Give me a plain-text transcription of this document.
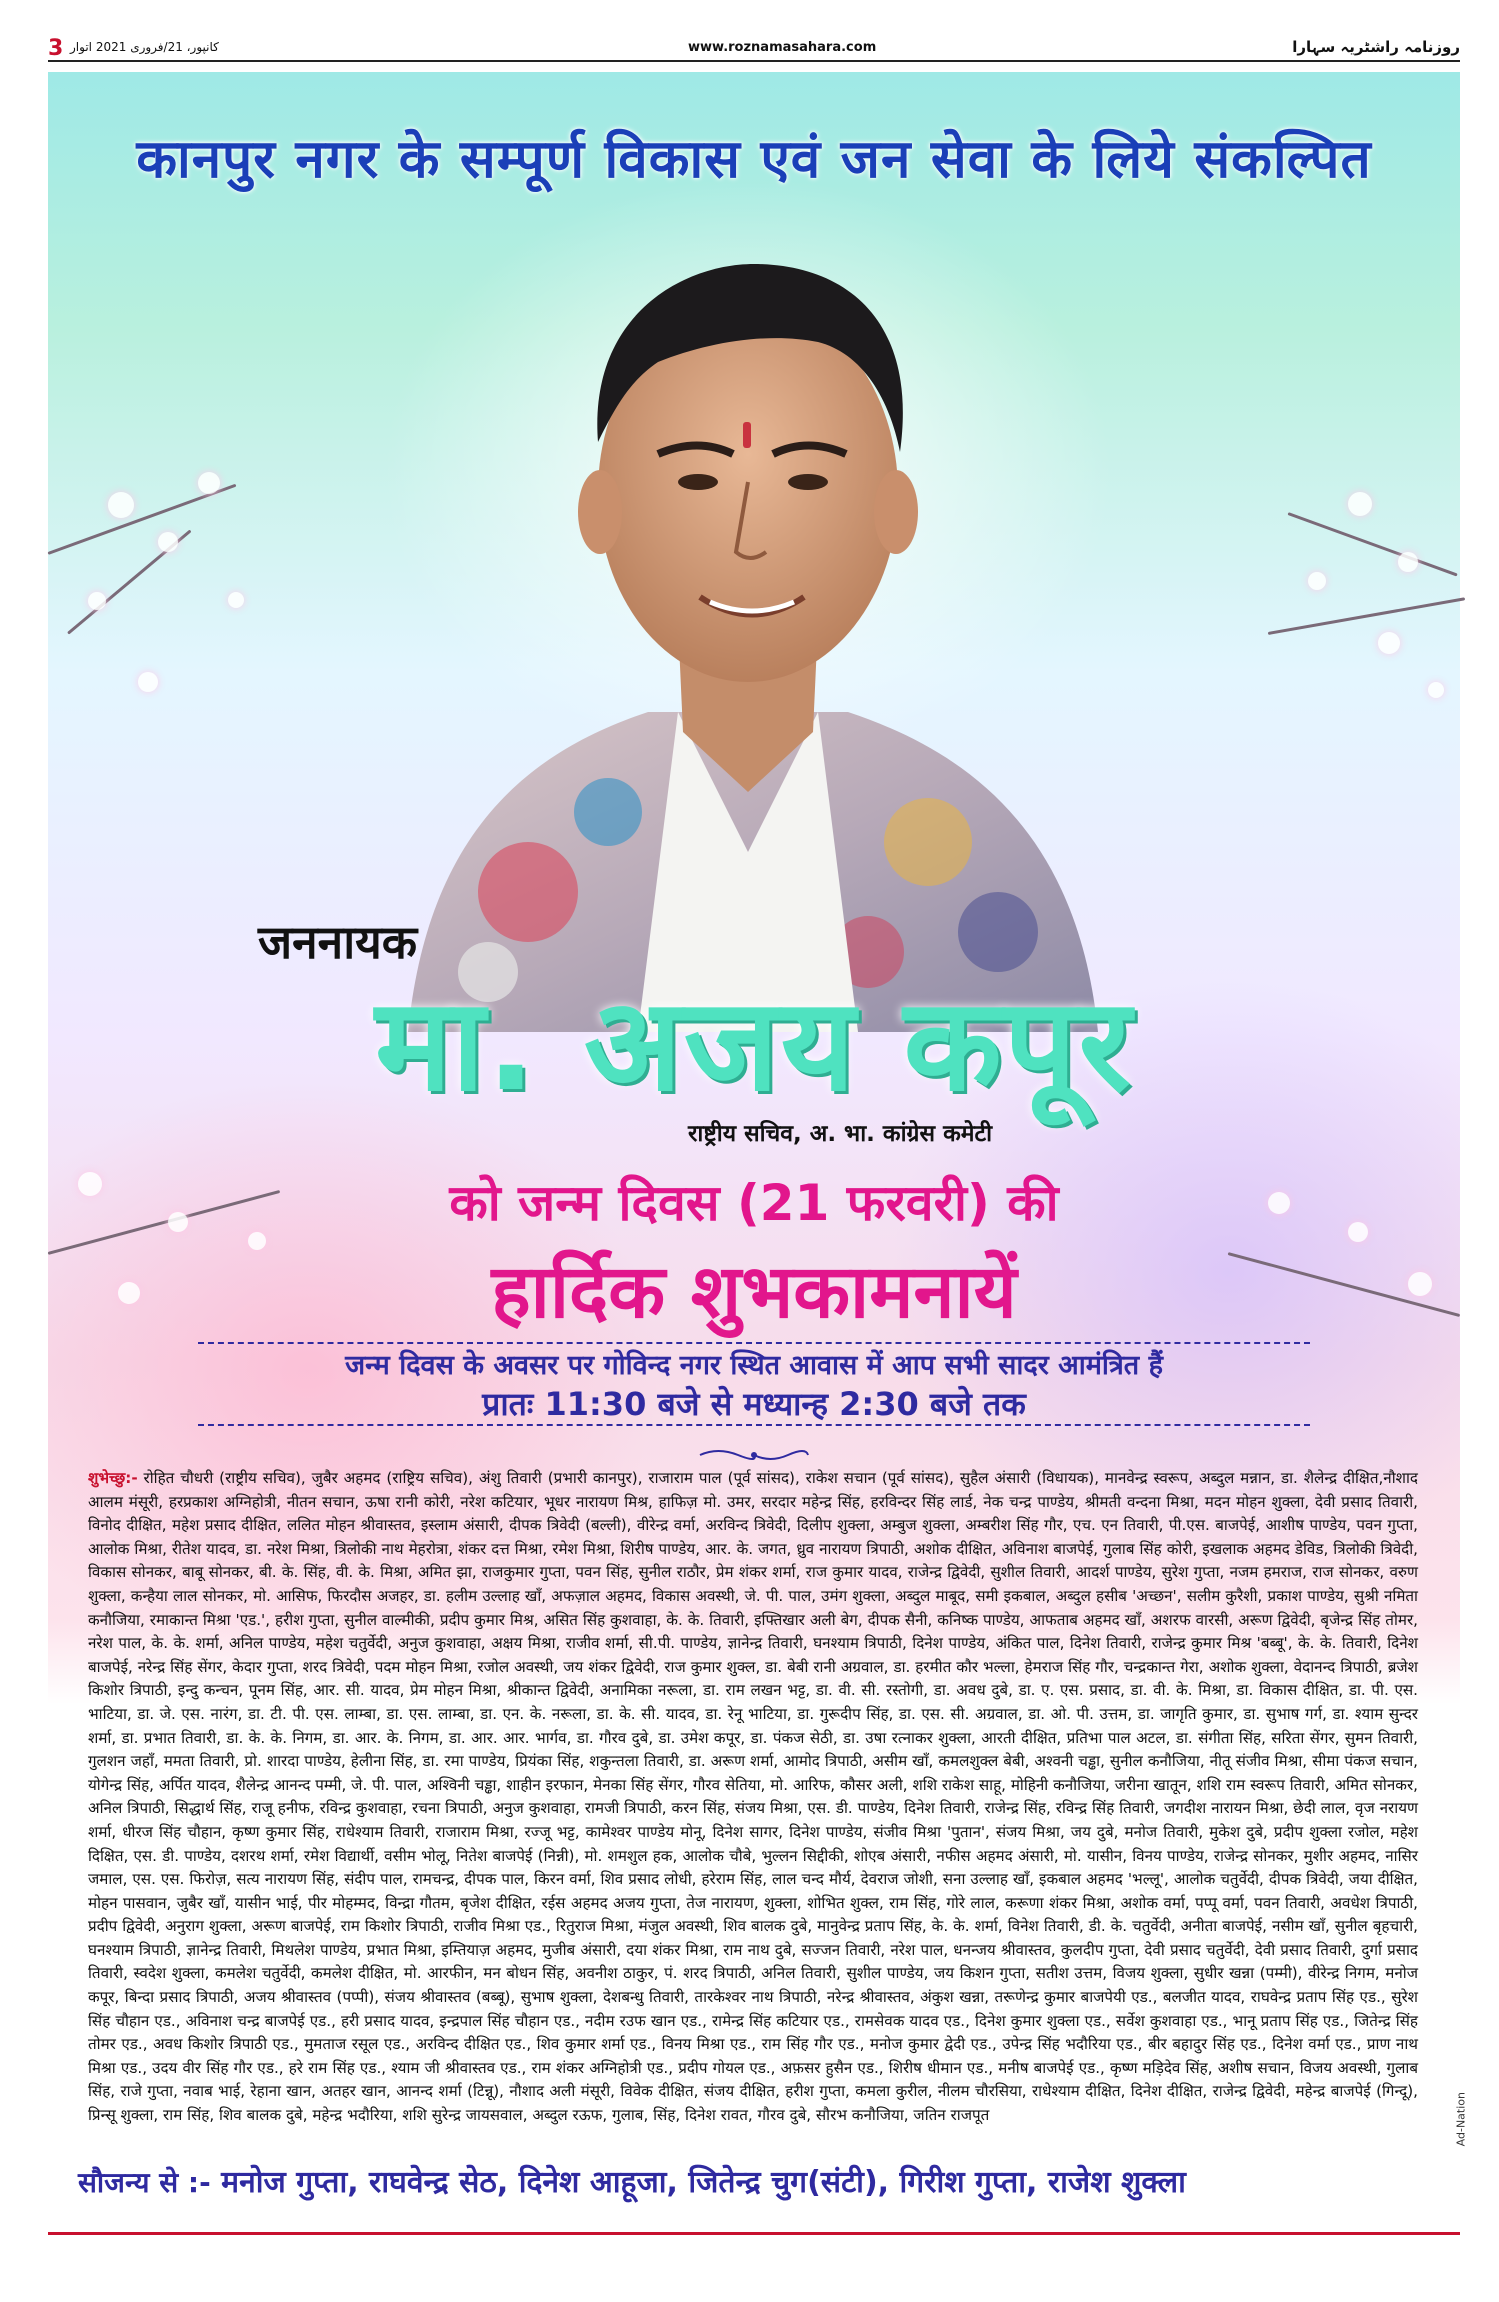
3 کانپور، 21/فروری 2021 اتوار	www.roznamasahara.com	روزنامہ راشٹریہ سہارا
कानपुर नगर के सम्पूर्ण विकास एवं जन सेवा के लिये संकल्पित
जननायक
मा. अजय कपूर
राष्ट्रीय सचिव, अ. भा. कांग्रेस कमेटी
को जन्म दिवस (21 फरवरी) की
हार्दिक शुभकामनायें
जन्म दिवस के अवसर पर गोविन्द नगर स्थित आवास में आप सभी सादर आमंत्रित हैं
प्रातः 11:30 बजे से मध्यान्ह 2:30 बजे तक
शुभेच्छु:- रोहित चौधरी (राष्ट्रीय सचिव), जुबैर अहमद (राष्ट्रिय सचिव), अंशु तिवारी (प्रभारी कानपुर), राजाराम पाल (पूर्व सांसद), राकेश सचान (पूर्व सांसद), सुहैल अंसारी (विधायक), मानवेन्द्र स्वरूप, अब्दुल मन्नान, डा. शैलेन्द्र दीक्षित,नौशाद आलम मंसूरी, हरप्रकाश अग्निहोत्री, नीतन सचान, ऊषा रानी कोरी, नरेश कटियार, भूधर नारायण मिश्र, हाफिज़ मो. उमर, सरदार महेन्द्र सिंह, हरविन्दर सिंह लार्ड, नेक चन्द्र पाण्डेय, श्रीमती वन्दना मिश्रा, मदन मोहन शुक्ला, देवी प्रसाद तिवारी, विनोद दीक्षित, महेश प्रसाद दीक्षित, ललित मोहन श्रीवास्तव, इस्लाम अंसारी, दीपक त्रिवेदी (बल्ली), वीरेन्द्र वर्मा, अरविन्द त्रिवेदी, दिलीप शुक्ला, अम्बुज शुक्ला, अम्बरीश सिंह गौर, एच. एन तिवारी, पी.एस. बाजपेई, आशीष पाण्डेय, पवन गुप्ता, आलोक मिश्रा, रीतेश यादव, डा. नरेश मिश्रा, त्रिलोकी नाथ मेहरोत्रा, शंकर दत्त मिश्रा, रमेश मिश्रा, शिरीष पाण्डेय, आर. के. जगत, ध्रुव नारायण त्रिपाठी, अशोक दीक्षित, अविनाश बाजपेई, गुलाब सिंह कोरी, इखलाक अहमद डेविड, त्रिलोकी त्रिवेदी, विकास सोनकर, बाबू सोनकर, बी. के. सिंह, वी. के. मिश्रा, अमित झा, राजकुमार गुप्ता, पवन सिंह, सुनील राठौर, प्रेम शंकर शर्मा, राज कुमार यादव, राजेन्द्र द्विवेदी, सुशील तिवारी, आदर्श पाण्डेय, सुरेश गुप्ता, नजम हमराज, राज सोनकर, वरुण शुक्ला, कन्हैया लाल सोनकर, मो. आसिफ, फिरदौस अजहर, डा. हलीम उल्लाह खाँ, अफज़ाल अहमद, विकास अवस्थी, जे. पी. पाल, उमंग शुक्ला, अब्दुल माबूद, समी इकबाल, अब्दुल हसीब 'अच्छन', सलीम कुरैशी, प्रकाश पाण्डेय, सुश्री नमिता कनौजिया, रमाकान्त मिश्रा 'एड.', हरीश गुप्ता, सुनील वाल्मीकी, प्रदीप कुमार मिश्र, असित सिंह कुशवाहा, के. के. तिवारी, इफ्तिखार अली बेग, दीपक सैनी, कनिष्क पाण्डेय, आफताब अहमद खाँ, अशरफ वारसी, अरूण द्विवेदी, बृजेन्द्र सिंह तोमर, नरेश पाल, के. के. शर्मा, अनिल पाण्डेय, महेश चतुर्वेदी, अनुज कुशवाहा, अक्षय मिश्रा, राजीव शर्मा, सी.पी. पाण्डेय, ज्ञानेन्द्र तिवारी, घनश्याम त्रिपाठी, दिनेश पाण्डेय, अंकित पाल, दिनेश तिवारी, राजेन्द्र कुमार मिश्र 'बब्बू', के. के. तिवारी, दिनेश बाजपेई, नरेन्द्र सिंह सेंगर, केदार गुप्ता, शरद त्रिवेदी, पदम मोहन मिश्रा, रजोल अवस्थी, जय शंकर द्विवेदी, राज कुमार शुक्ल, डा. बेबी रानी अग्रवाल, डा. हरमीत कौर भल्ला, हेमराज सिंह गौर, चन्द्रकान्त गेरा, अशोक शुक्ला, वेदानन्द त्रिपाठी, ब्रजेश किशोर त्रिपाठी, इन्दु कन्चन, पूनम सिंह, आर. सी. यादव, प्रेम मोहन मिश्रा, श्रीकान्त द्विवेदी, अनामिका नरूला, डा. राम लखन भट्ट, डा. वी. सी. रस्तोगी, डा. अवध दुबे, डा. ए. एस. प्रसाद, डा. वी. के. मिश्रा, डा. विकास दीक्षित, डा. पी. एस. भाटिया, डा. जे. एस. नारंग, डा. टी. पी. एस. लाम्बा, डा. एस. लाम्बा, डा. एन. के. नरूला, डा. के. सी. यादव, डा. रेनू भाटिया, डा. गुरूदीप सिंह, डा. एस. सी. अग्रवाल, डा. ओ. पी. उत्तम, डा. जागृति कुमार, डा. सुभाष गर्ग, डा. श्याम सुन्दर शर्मा, डा. प्रभात तिवारी, डा. के. के. निगम, डा. आर. के. निगम, डा. आर. आर. भार्गव, डा. गौरव दुबे, डा. उमेश कपूर, डा. पंकज सेठी, डा. उषा रत्नाकर शुक्ला, आरती दीक्षित, प्रतिभा पाल अटल, डा. संगीता सिंह, सरिता सेंगर, सुमन तिवारी, गुलशन जहाँ, ममता तिवारी, प्रो. शारदा पाण्डेय, हेलीना सिंह, डा. रमा पाण्डेय, प्रियंका सिंह, शकुन्तला तिवारी, डा. अरूण शर्मा, आमोद त्रिपाठी, असीम खाँ, कमलशुक्ल बेबी, अश्वनी चड्ढा, सुनील कनौजिया, नीतू संजीव मिश्रा, सीमा पंकज सचान, योगेन्द्र सिंह, अर्पित यादव, शैलेन्द्र आनन्द पम्मी, जे. पी. पाल, अश्विनी चड्ढा, शाहीन इरफान, मेनका सिंह सेंगर, गौरव सेतिया, मो. आरिफ, कौसर अली, शशि राकेश साहू, मोहिनी कनौजिया, जरीना खातून, शशि राम स्वरूप तिवारी, अमित सोनकर, अनिल त्रिपाठी, सिद्धार्थ सिंह, राजू हनीफ, रविन्द्र कुशवाहा, रचना त्रिपाठी, अनुज कुशवाहा, रामजी त्रिपाठी, करन सिंह, संजय मिश्रा, एस. डी. पाण्डेय, दिनेश तिवारी, राजेन्द्र सिंह, रविन्द्र सिंह तिवारी, जगदीश नारायन मिश्रा, छेदी लाल, वृज नरायण शर्मा, धीरज सिंह चौहान, कृष्ण कुमार सिंह, राधेश्याम तिवारी, राजाराम मिश्रा, रज्जू भट्ट, कामेश्वर पाण्डेय मोनू, दिनेश सागर, दिनेश पाण्डेय, संजीव मिश्रा 'पुतान', संजय मिश्रा, जय दुबे, मनोज तिवारी, मुकेश दुबे, प्रदीप शुक्ला रजोल, महेश दिक्षित, एस. डी. पाण्डेय, दशरथ शर्मा, रमेश विद्यार्थी, वसीम भोलू, नितेश बाजपेई (निन्नी), मो. शमशुल हक, आलोक चौबे, भुल्लन सिद्दीकी, शोएब अंसारी, नफीस अहमद अंसारी, मो. यासीन, विनय पाण्डेय, राजेन्द्र सोनकर, मुशीर अहमद, नासिर जमाल, एस. एस. फिरोज़, सत्य नारायण सिंह, संदीप पाल, रामचन्द्र, दीपक पाल, किरन वर्मा, शिव प्रसाद लोधी, हरेराम सिंह, लाल चन्द मौर्य, देवराज जोशी, सना उल्लाह खाँ, इकबाल अहमद 'भल्लू', आलोक चतुर्वेदी, दीपक त्रिवेदी, जया दीक्षित, मोहन पासवान, जुबैर खाँ, यासीन भाई, पीर मोहम्मद, विन्द्रा गौतम, बृजेश दीक्षित, रईस अहमद अजय गुप्ता, तेज नारायण, शुक्ला, शोभित शुक्ल, राम सिंह, गोरे लाल, करूणा शंकर मिश्रा, अशोक वर्मा, पप्पू वर्मा, पवन तिवारी, अवधेश त्रिपाठी, प्रदीप द्विवेदी, अनुराग शुक्ला, अरूण बाजपेई, राम किशोर त्रिपाठी, राजीव मिश्रा एड., रितुराज मिश्रा, मंजुल अवस्थी, शिव बालक दुबे, मानुवेन्द्र प्रताप सिंह, के. के. शर्मा, विनेश तिवारी, डी. के. चतुर्वेदी, अनीता बाजपेई, नसीम खाँ, सुनील बृहचारी, घनश्याम त्रिपाठी, ज्ञानेन्द्र तिवारी, मिथलेश पाण्डेय, प्रभात मिश्रा, इम्तियाज़ अहमद, मुजीब अंसारी, दया शंकर मिश्रा, राम नाथ दुबे, सज्जन तिवारी, नरेश पाल, धनन्जय श्रीवास्तव, कुलदीप गुप्ता, देवी प्रसाद चतुर्वेदी, देवी प्रसाद तिवारी, दुर्गा प्रसाद तिवारी, स्वदेश शुक्ला, कमलेश चतुर्वेदी, कमलेश दीक्षित, मो. आरफीन, मन बोधन सिंह, अवनीश ठाकुर, पं. शरद त्रिपाठी, अनिल तिवारी, सुशील पाण्डेय, जय किशन गुप्ता, सतीश उत्तम, विजय शुक्ला, सुधीर खन्ना (पम्मी), वीरेन्द्र निगम, मनोज कपूर, बिन्दा प्रसाद त्रिपाठी, अजय श्रीवास्तव (पप्पी), संजय श्रीवास्तव (बब्बू), सुभाष शुक्ला, देशबन्धु तिवारी, तारकेश्वर नाथ त्रिपाठी, नरेन्द्र श्रीवास्तव, अंकुश खन्ना, तरूणेन्द्र कुमार बाजपेयी एड., बलजीत यादव, राघवेन्द्र प्रताप सिंह एड., सुरेश सिंह चौहान एड., अविनाश चन्द्र बाजपेई एड., हरी प्रसाद यादव, इन्द्रपाल सिंह चौहान एड., नदीम रउफ खान एड., रामेन्द्र सिंह कटियार एड., रामसेवक यादव एड., दिनेश कुमार शुक्ला एड., सर्वेश कुशवाहा एड., भानू प्रताप सिंह एड., जितेन्द्र सिंह तोमर एड., अवध किशोर त्रिपाठी एड., मुमताज रसूल एड., अरविन्द दीक्षित एड., शिव कुमार शर्मा एड., विनय मिश्रा एड., राम सिंह गौर एड., मनोज कुमार द्वेदी एड., उपेन्द्र सिंह भदौरिया एड., बीर बहादुर सिंह एड., दिनेश वर्मा एड., प्राण नाथ मिश्रा एड., उदय वीर सिंह गौर एड., हरे राम सिंह एड., श्याम जी श्रीवास्तव एड., राम शंकर अग्निहोत्री एड., प्रदीप गोयल एड., अफ़सर हुसैन एड., शिरीष धीमान एड., मनीष बाजपेई एड., कृष्ण मड़िदेव सिंह, अशीष सचान, विजय अवस्थी, गुलाब सिंह, राजे गुप्ता, नवाब भाई, रेहाना खान, अतहर खान, आनन्द शर्मा (टिन्नू), नौशाद अली मंसूरी, विवेक दीक्षित, संजय दीक्षित, हरीश गुप्ता, कमला कुरील, नीलम चौरसिया, राधेश्याम दीक्षित, दिनेश दीक्षित, राजेन्द्र द्विवेदी, महेन्द्र बाजपेई (गिन्दू), प्रिन्सू शुक्ला, राम सिंह, शिव बालक दुबे, महेन्द्र भदौरिया, शशि सुरेन्द्र जायसवाल, अब्दुल रऊफ, गुलाब, सिंह, दिनेश रावत, गौरव दुबे, सौरभ कनौजिया, जतिन राजपूत
सौजन्य से :- मनोज गुप्ता, राघवेन्द्र सेठ, दिनेश आहूजा, जितेन्द्र चुग(संटी), गिरीश गुप्ता, राजेश शुक्ला
Ad-Nation
